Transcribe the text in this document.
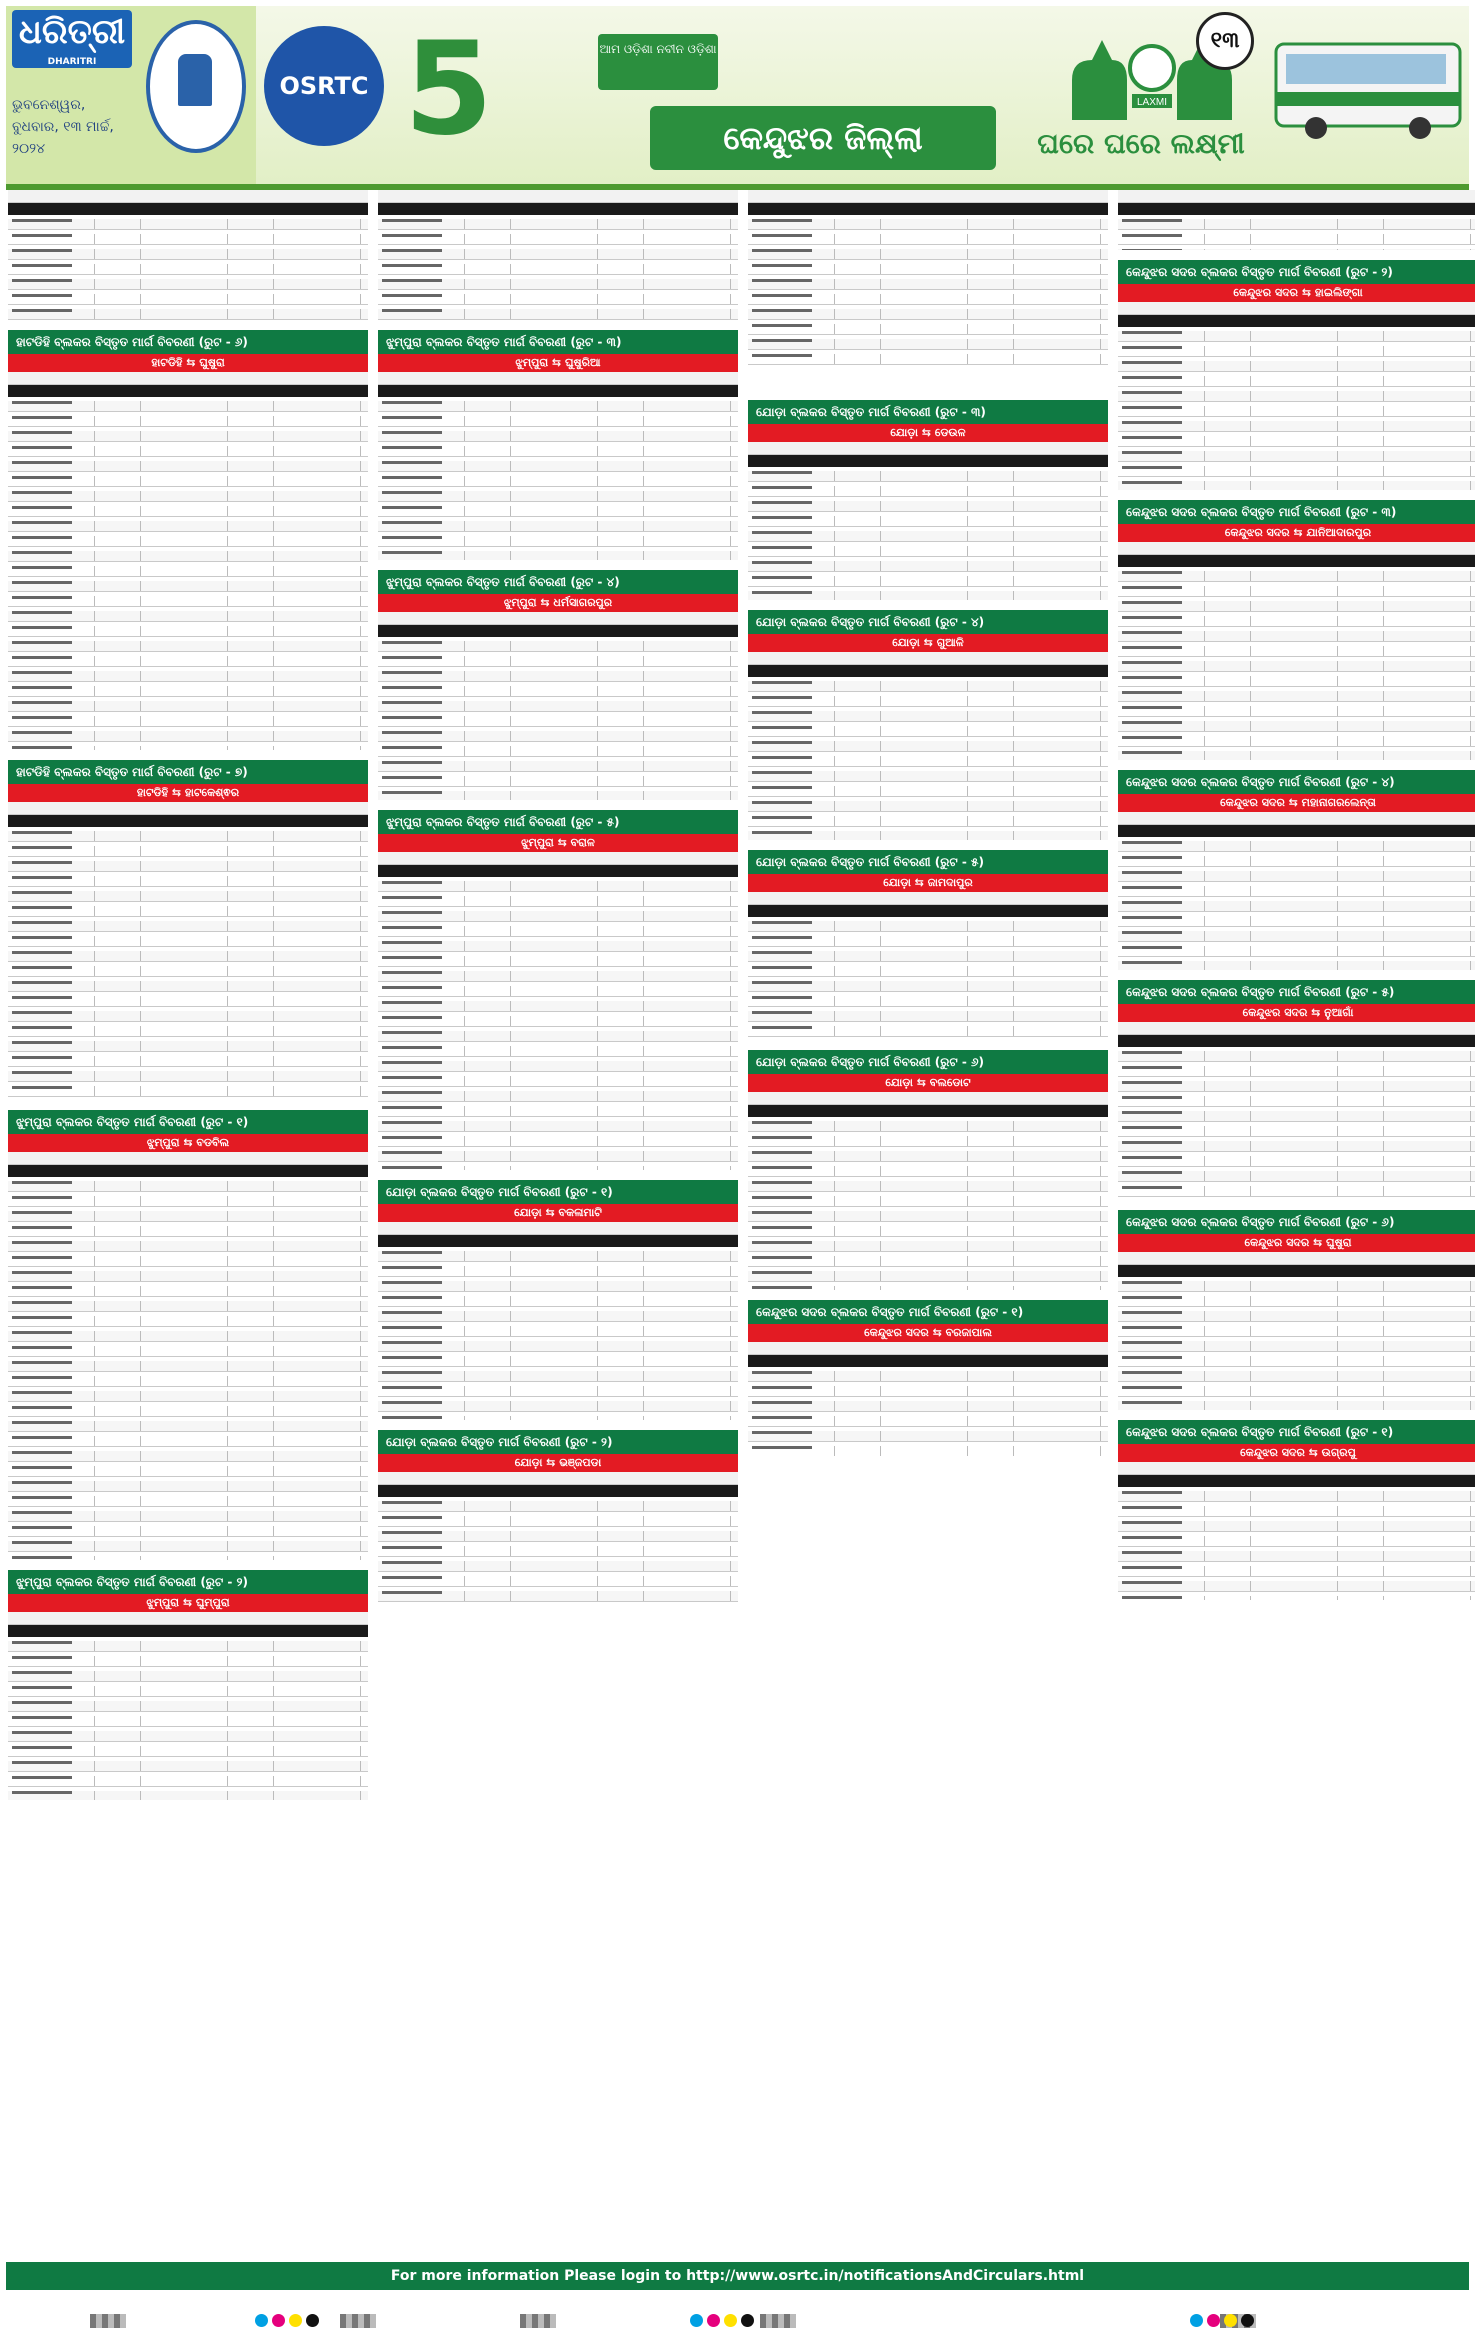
ଧରିତ୍ରୀ
DHARITRI
ଭୁବନେଶ୍ୱର, ବୁଧବାର, ୧୩ ମାର୍ଚ୍ଚ, ୨୦୨୪
OSRTC 5	ଆମ ଓଡ଼ିଶା ନବୀନ ଓଡ଼ିଶା
କେନ୍ଦୁଝର ଜିଲ୍ଲା
LAXMI
ଘରେ ଘରେ ଲକ୍ଷ୍ମୀ
୧୩
ହାଟଡିହି ବ୍ଲକର ବିସ୍ତୃତ ମାର୍ଗ ବିବରଣୀ (ରୁଟ - ୬)
ହାଟଡିହି ⇆ ଘୁଷୁରା
ହାଟଡିହି ବ୍ଲକର ବିସ୍ତୃତ ମାର୍ଗ ବିବରଣୀ (ରୁଟ - ୭)
ହାଟଡିହି ⇆ ହାଟକେଶ୍ଵର
ଝୁମ୍ପୁରା ବ୍ଲକର ବିସ୍ତୃତ ମାର୍ଗ ବିବରଣୀ (ରୁଟ - ୧)
ଝୁମ୍ପୁରା ⇆ ବଡବିଲ
ଝୁମ୍ପୁରା ବ୍ଲକର ବିସ୍ତୃତ ମାର୍ଗ ବିବରଣୀ (ରୁଟ - ୨)
ଝୁମ୍ପୁରା ⇆ ଘୁମ୍ପୁରା
ଝୁମ୍ପୁରା ବ୍ଲକର ବିସ୍ତୃତ ମାର୍ଗ ବିବରଣୀ (ରୁଟ - ୩)
ଝୁମ୍ପୁରା ⇆ ଘୁଷୁରିଆ
ଝୁମ୍ପୁରା ବ୍ଲକର ବିସ୍ତୃତ ମାର୍ଗ ବିବରଣୀ (ରୁଟ - ୪)
ଝୁମ୍ପୁରା ⇆ ଧର୍ମସାଗରପୁର
ଝୁମ୍ପୁରା ବ୍ଲକର ବିସ୍ତୃତ ମାର୍ଗ ବିବରଣୀ (ରୁଟ - ୫)
ଝୁମ୍ପୁରା ⇆ ବରାଳ
ଯୋଡ଼ା ବ୍ଲକର ବିସ୍ତୃତ ମାର୍ଗ ବିବରଣୀ (ରୁଟ - ୧)
ଯୋଡ଼ା ⇆ ବକଳାମାଟି
ଯୋଡ଼ା ବ୍ଲକର ବିସ୍ତୃତ ମାର୍ଗ ବିବରଣୀ (ରୁଟ - ୨)
ଯୋଡ଼ା ⇆ ଭଞ୍ଜପଡା
ଯୋଡ଼ା ବ୍ଲକର ବିସ୍ତୃତ ମାର୍ଗ ବିବରଣୀ (ରୁଟ - ୩)
ଯୋଡ଼ା ⇆ ଡେଉଳ
ଯୋଡ଼ା ବ୍ଲକର ବିସ୍ତୃତ ମାର୍ଗ ବିବରଣୀ (ରୁଟ - ୪)
ଯୋଡ଼ା ⇆ ଗୁଆଳି
ଯୋଡ଼ା ବ୍ଲକର ବିସ୍ତୃତ ମାର୍ଗ ବିବରଣୀ (ରୁଟ - ୫)
ଯୋଡ଼ା ⇆ ଜାମଦାପୁର
ଯୋଡ଼ା ବ୍ଲକର ବିସ୍ତୃତ ମାର୍ଗ ବିବରଣୀ (ରୁଟ - ୬)
ଯୋଡ଼ା ⇆ ବଲଡୋଟ
କେନ୍ଦୁଝର ସଦର ବ୍ଲକର ବିସ୍ତୃତ ମାର୍ଗ ବିବରଣୀ (ରୁଟ - ୧)
କେନ୍ଦୁଝର ସଦର ⇆ ବରଜାପାଲ
କେନ୍ଦୁଝର ସଦର ବ୍ଲକର ବିସ୍ତୃତ ମାର୍ଗ ବିବରଣୀ (ରୁଟ - ୨)
କେନ୍ଦୁଝର ସଦର ⇆ ହାଇଲିଙ୍ଗା
କେନ୍ଦୁଝର ସଦର ବ୍ଲକର ବିସ୍ତୃତ ମାର୍ଗ ବିବରଣୀ (ରୁଟ - ୩)
କେନ୍ଦୁଝର ସଦର ⇆ ଯାନିଆଦାରପୁର
କେନ୍ଦୁଝର ସଦର ବ୍ଲକର ବିସ୍ତୃତ ମାର୍ଗ ବିବରଣୀ (ରୁଟ - ୪)
କେନ୍ଦୁଝର ସଦର ⇆ ମହାନାଗରଲେନ୍ତା
କେନ୍ଦୁଝର ସଦର ବ୍ଲକର ବିସ୍ତୃତ ମାର୍ଗ ବିବରଣୀ (ରୁଟ - ୫)
କେନ୍ଦୁଝର ସଦର ⇆ ନୁଆଗାଁ
କେନ୍ଦୁଝର ସଦର ବ୍ଲକର ବିସ୍ତୃତ ମାର୍ଗ ବିବରଣୀ (ରୁଟ - ୬)
କେନ୍ଦୁଝର ସଦର ⇆ ଘୁଷୁରା
କେନ୍ଦୁଝର ସଦର ବ୍ଲକର ବିସ୍ତୃତ ମାର୍ଗ ବିବରଣୀ (ରୁଟ - ୧)
କେନ୍ଦୁଝର ସଦର ⇆ ଉଗ୍ରପୁ
For more information Please login to http://www.osrtc.in/notificationsAndCirculars.html
